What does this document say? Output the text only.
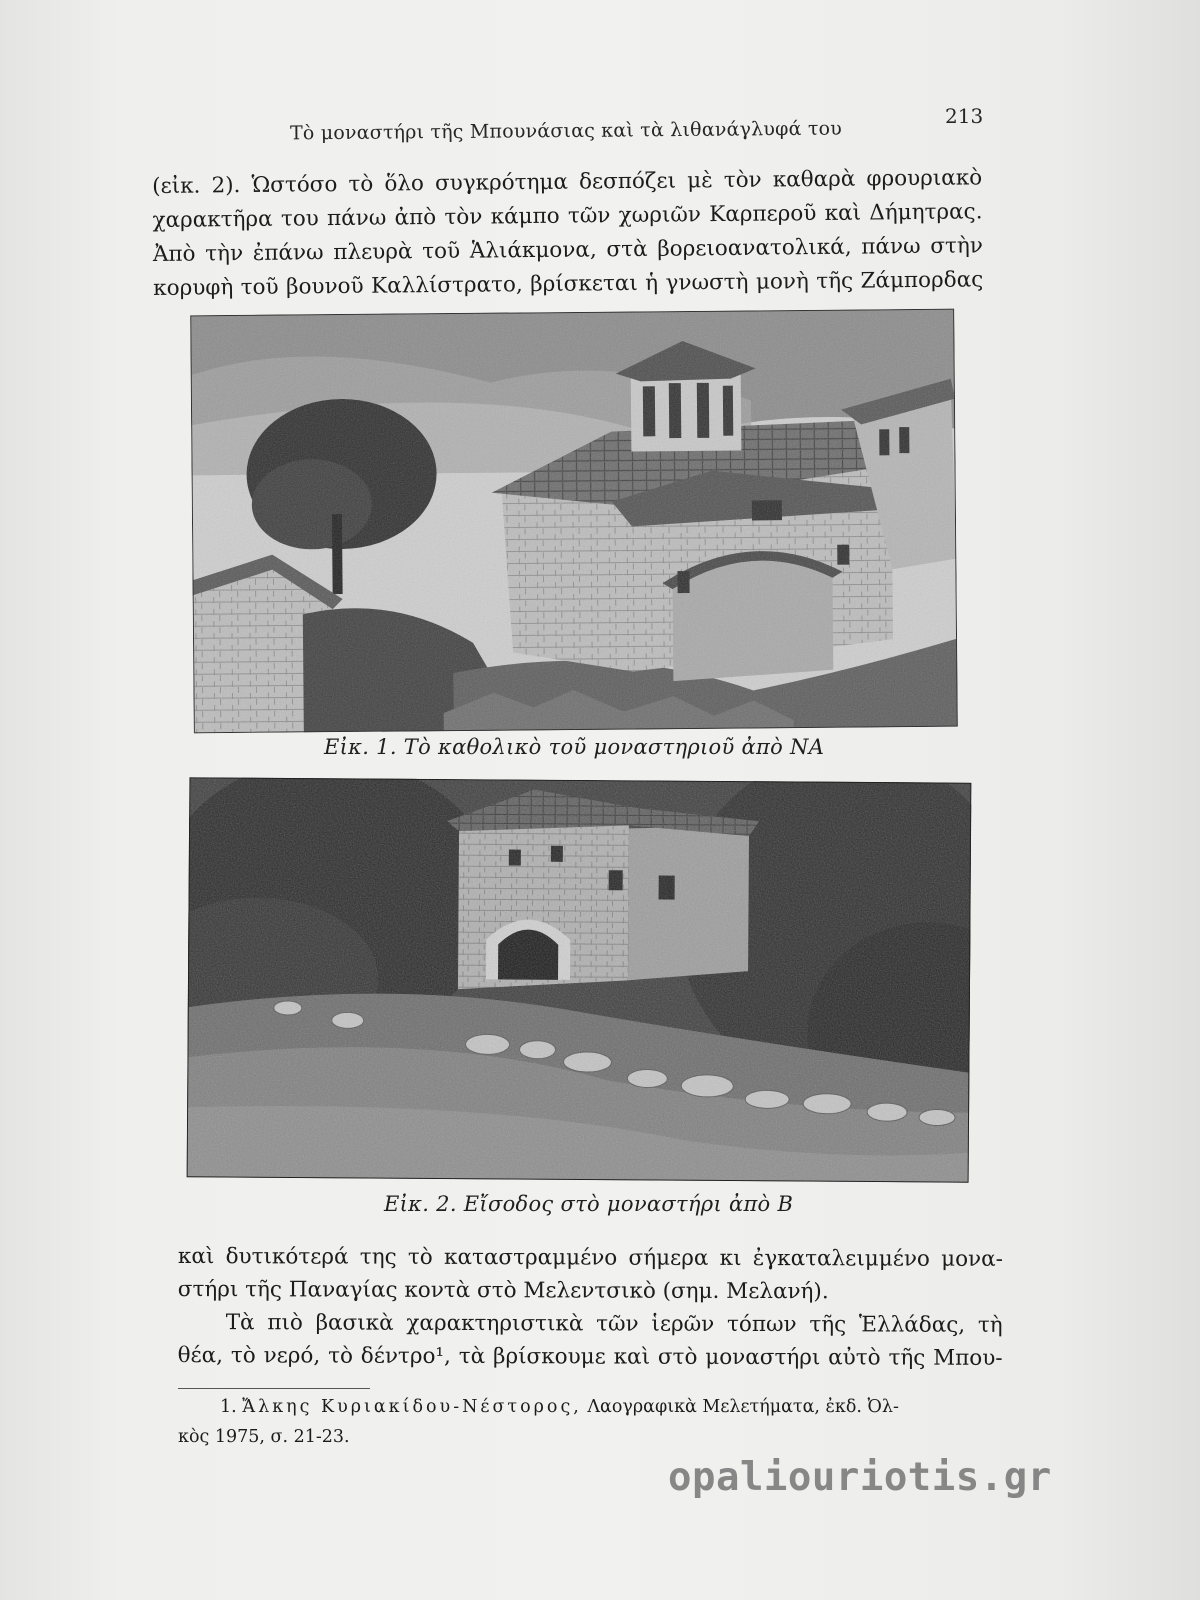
Τὸ μοναστήρι τῆς Μπουνάσιας καὶ τὰ λιθανάγλυφά του
213
(εἰκ. 2). Ὡστόσο τὸ ὅλο συγκρότημα δεσπόζει μὲ τὸν καθαρὰ φρουριακὸ
χαρακτῆρα του πάνω ἀπὸ τὸν κάμπο τῶν χωριῶν Καρπεροῦ καὶ Δήμητρας.
Ἀπὸ τὴν ἐπάνω πλευρὰ τοῦ Ἁλιάκμονα, στὰ βορειοανατολικά, πάνω στὴν
κορυφὴ τοῦ βουνοῦ Καλλίστρατο, βρίσκεται ἡ γνωστὴ μονὴ τῆς Ζάμπορδας
Εἰκ. 1. Τὸ καθολικὸ τοῦ μοναστηριοῦ ἀπὸ ΝΑ
Εἰκ. 2. Εἴσοδος στὸ μοναστήρι ἀπὸ Β
καὶ δυτικότερά της τὸ καταστραμμένο σήμερα κι ἐγκαταλειμμένο μονα-
στήρι τῆς Παναγίας κοντὰ στὸ Μελεντσικὸ (σημ. Μελανή).
Τὰ πιὸ βασικὰ χαρακτηριστικὰ τῶν ἱερῶν τόπων τῆς Ἑλλάδας, τὴ
θέα, τὸ νερό, τὸ δέντρο¹, τὰ βρίσκουμε καὶ στὸ μοναστήρι αὐτὸ τῆς Μπου-
1. Ἄλκης Κυριακίδου-Νέστορος, Λαογραφικὰ Μελετήματα, ἐκδ. Ὀλ-
κὸς 1975, σ. 21-23.
opaliouriotis.gr
